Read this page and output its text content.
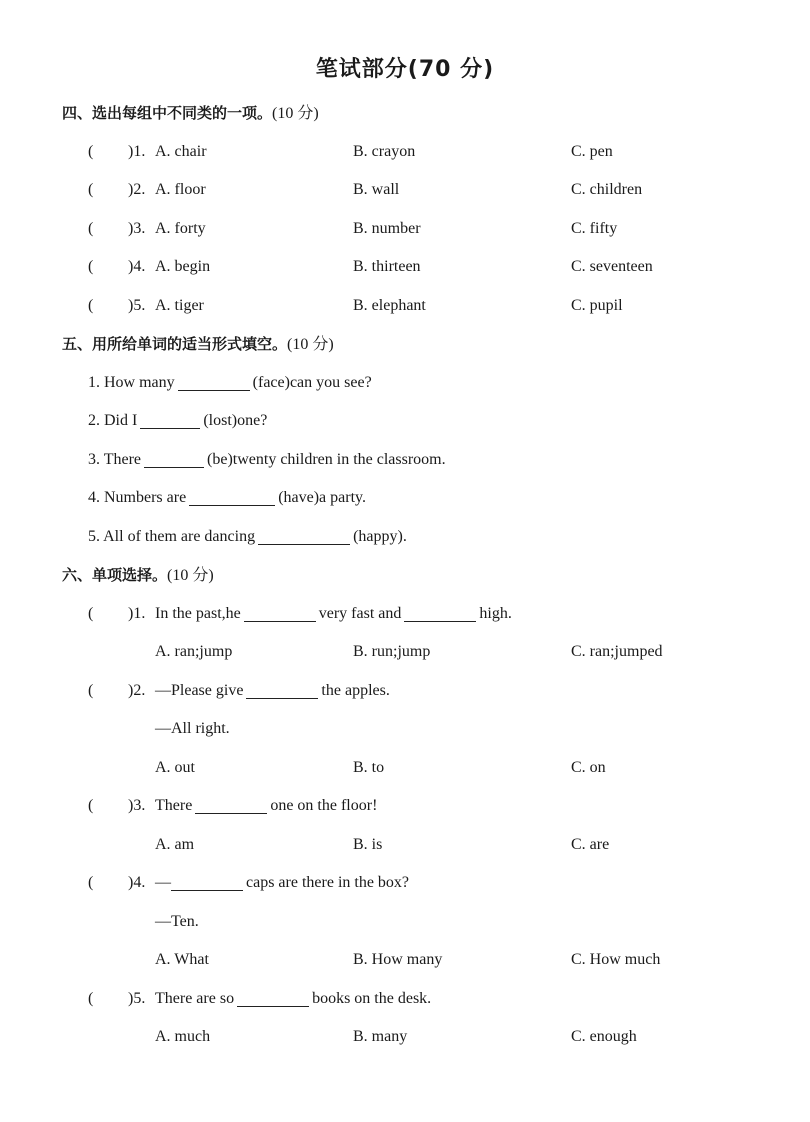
笔试部分(70 分)
四、选出每组中不同类的一项。(10 分)
( )1. A. chair	B. crayon	C. pen
( )2. A. floor	B. wall	C. children
( )3. A. forty	B. number	C. fifty
( )4. A. begin	B. thirteen	C. seventeen
( )5. A. tiger	B. elephant	C. pupil
五、用所给单词的适当形式填空。(10 分)
1. How many	(face)can you see?
2. Did I	(lost)one?
3. There	(be)twenty children in the classroom.
4. Numbers are	(have)a party.
5. All of them are dancing	(happy).
六、单项选择。(10 分)
( )1. In the past,he	very fast and	high.
A. ran;jump	B. run;jump	C. ran;jumped
( )2. —Please give	the apples.
—All right.
A. out	B. to	C. on
( )3. There	one on the floor!
A. am	B. is	C. are
( )4. —	caps are there in the box?
—Ten.
A. What	B. How many	C. How much
( )5. There are so	books on the desk.
A. much	B. many	C. enough
